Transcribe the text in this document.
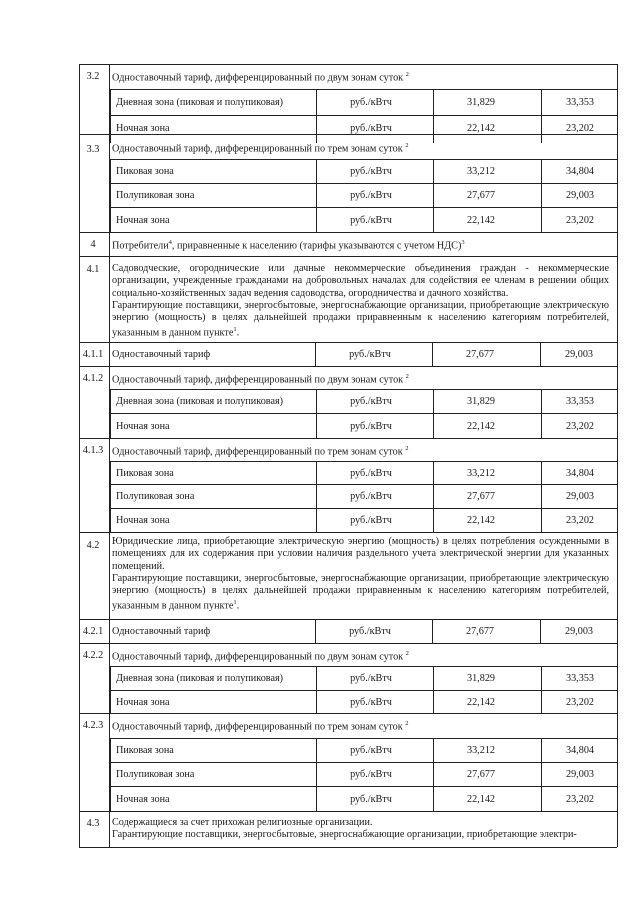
3.2	Одноставочный тариф, дифференцированный по двум зонам суток $^2$
Дневная зона (пиковая и полупиковая)	руб./кВтч	31,829	33,353
Ночная зона	руб./кВтч	22,142	23,202
3.3	Одноставочный тариф, дифференцированный по трем зонам суток $^2$
Пиковая зона	руб./кВтч	33,212	34,804
Полупиковая зона	руб./кВтч	27,677	29,003
Ночная зона	руб./кВтч	22,142	23,202
4	Потребители$^4$, приравненные к населению (тарифы указываются с учетом НДС)$^3$
4.1	Садоводческие, огороднические или дачные некоммерческие объединения граждан - некоммерческие организации, учрежденные гражданами на добровольных началах для содействия ее членам в решении общих социально-хозяйственных задач ведения садоводства, огородничества и дачного хозяйства.
Гарантирующие поставщики, энергосбытовые, энергоснабжающие организации, приобретающие электрическую энергию (мощность) в целях дальнейшей продажи приравненным к населению категориям потребителей, указанным в данном пункте$^1$.
4.1.1 Одноставочный тариф	руб./кВтч	27,677	29,003
4.1.2 Одноставочный тариф, дифференцированный по двум зонам суток $^2$
Дневная зона (пиковая и полупиковая)	руб./кВтч	31,829	33,353
Ночная зона	руб./кВтч	22,142	23,202
4.1.3 Одноставочный тариф, дифференцированный по трем зонам суток $^2$
Пиковая зона	руб./кВтч	33,212	34,804
Полупиковая зона	руб./кВтч	27,677	29,003
Ночная зона	руб./кВтч	22,142	23,202
4.2	Юридические лица, приобретающие электрическую энергию (мощность) в целях потребления осужденными в помещениях для их содержания при условии наличия раздельного учета электрической энергии для указанных помещений.
Гарантирующие поставщики, энергосбытовые, энергоснабжающие организации, приобретающие электрическую энергию (мощность) в целях дальнейшей продажи приравненным к населению категориям потребителей, указанным в данном пункте$^1$.
4.2.1 Одноставочный тариф	руб./кВтч	27,677	29,003
4.2.2 Одноставочный тариф, дифференцированный по двум зонам суток $^2$
Дневная зона (пиковая и полупиковая)	руб./кВтч	31,829	33,353
Ночная зона	руб./кВтч	22,142	23,202
4.2.3 Одноставочный тариф, дифференцированный по трем зонам суток $^2$
Пиковая зона	руб./кВтч	33,212	34,804
Полупиковая зона	руб./кВтч	27,677	29,003
Ночная зона	руб./кВтч	22,142	23,202
4.3	Содержащиеся за счет прихожан религиозные организации.
Гарантирующие поставщики, энергосбытовые, энергоснабжающие организации, приобретающие электри-
